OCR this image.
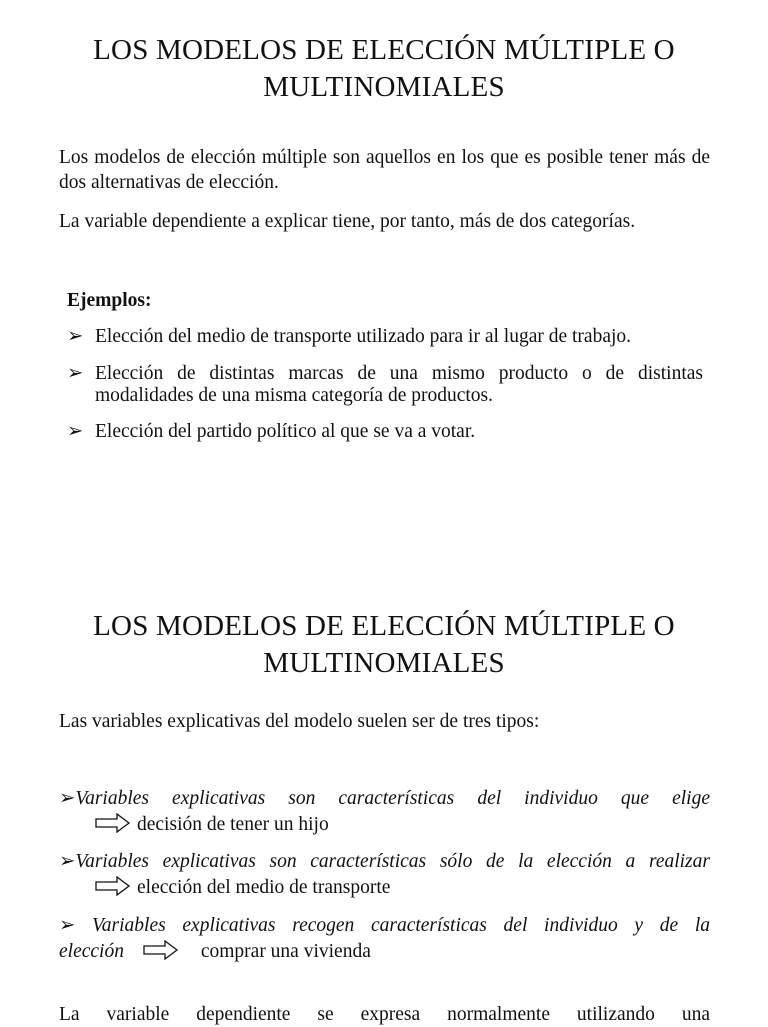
LOS MODELOS DE ELECCIÓN MÚLTIPLE O
MULTINOMIALES
Los modelos de elección múltiple son aquellos en los que es posible tener más de dos alternativas de elección.
La variable dependiente a explicar tiene, por tanto, más de dos categorías.
Ejemplos:
➢ Elección del medio de transporte utilizado para ir al lugar de trabajo.
➢ Elección de distintas marcas de una mismo producto o de distintas modalidades de una misma categoría de productos.
➢ Elección del partido político al que se va a votar.
LOS MODELOS DE ELECCIÓN MÚLTIPLE O
MULTINOMIALES
Las variables explicativas del modelo suelen ser de tres tipos:
➢Variables explicativas son características del individuo que elige
decisión de tener un hijo
➢Variables explicativas son características sólo de la elección a realizar
elección del medio de transporte
➢ Variables explicativas recogen características del individuo y de la
elección	comprar una vivienda
La variable dependiente se expresa normalmente utilizando una
